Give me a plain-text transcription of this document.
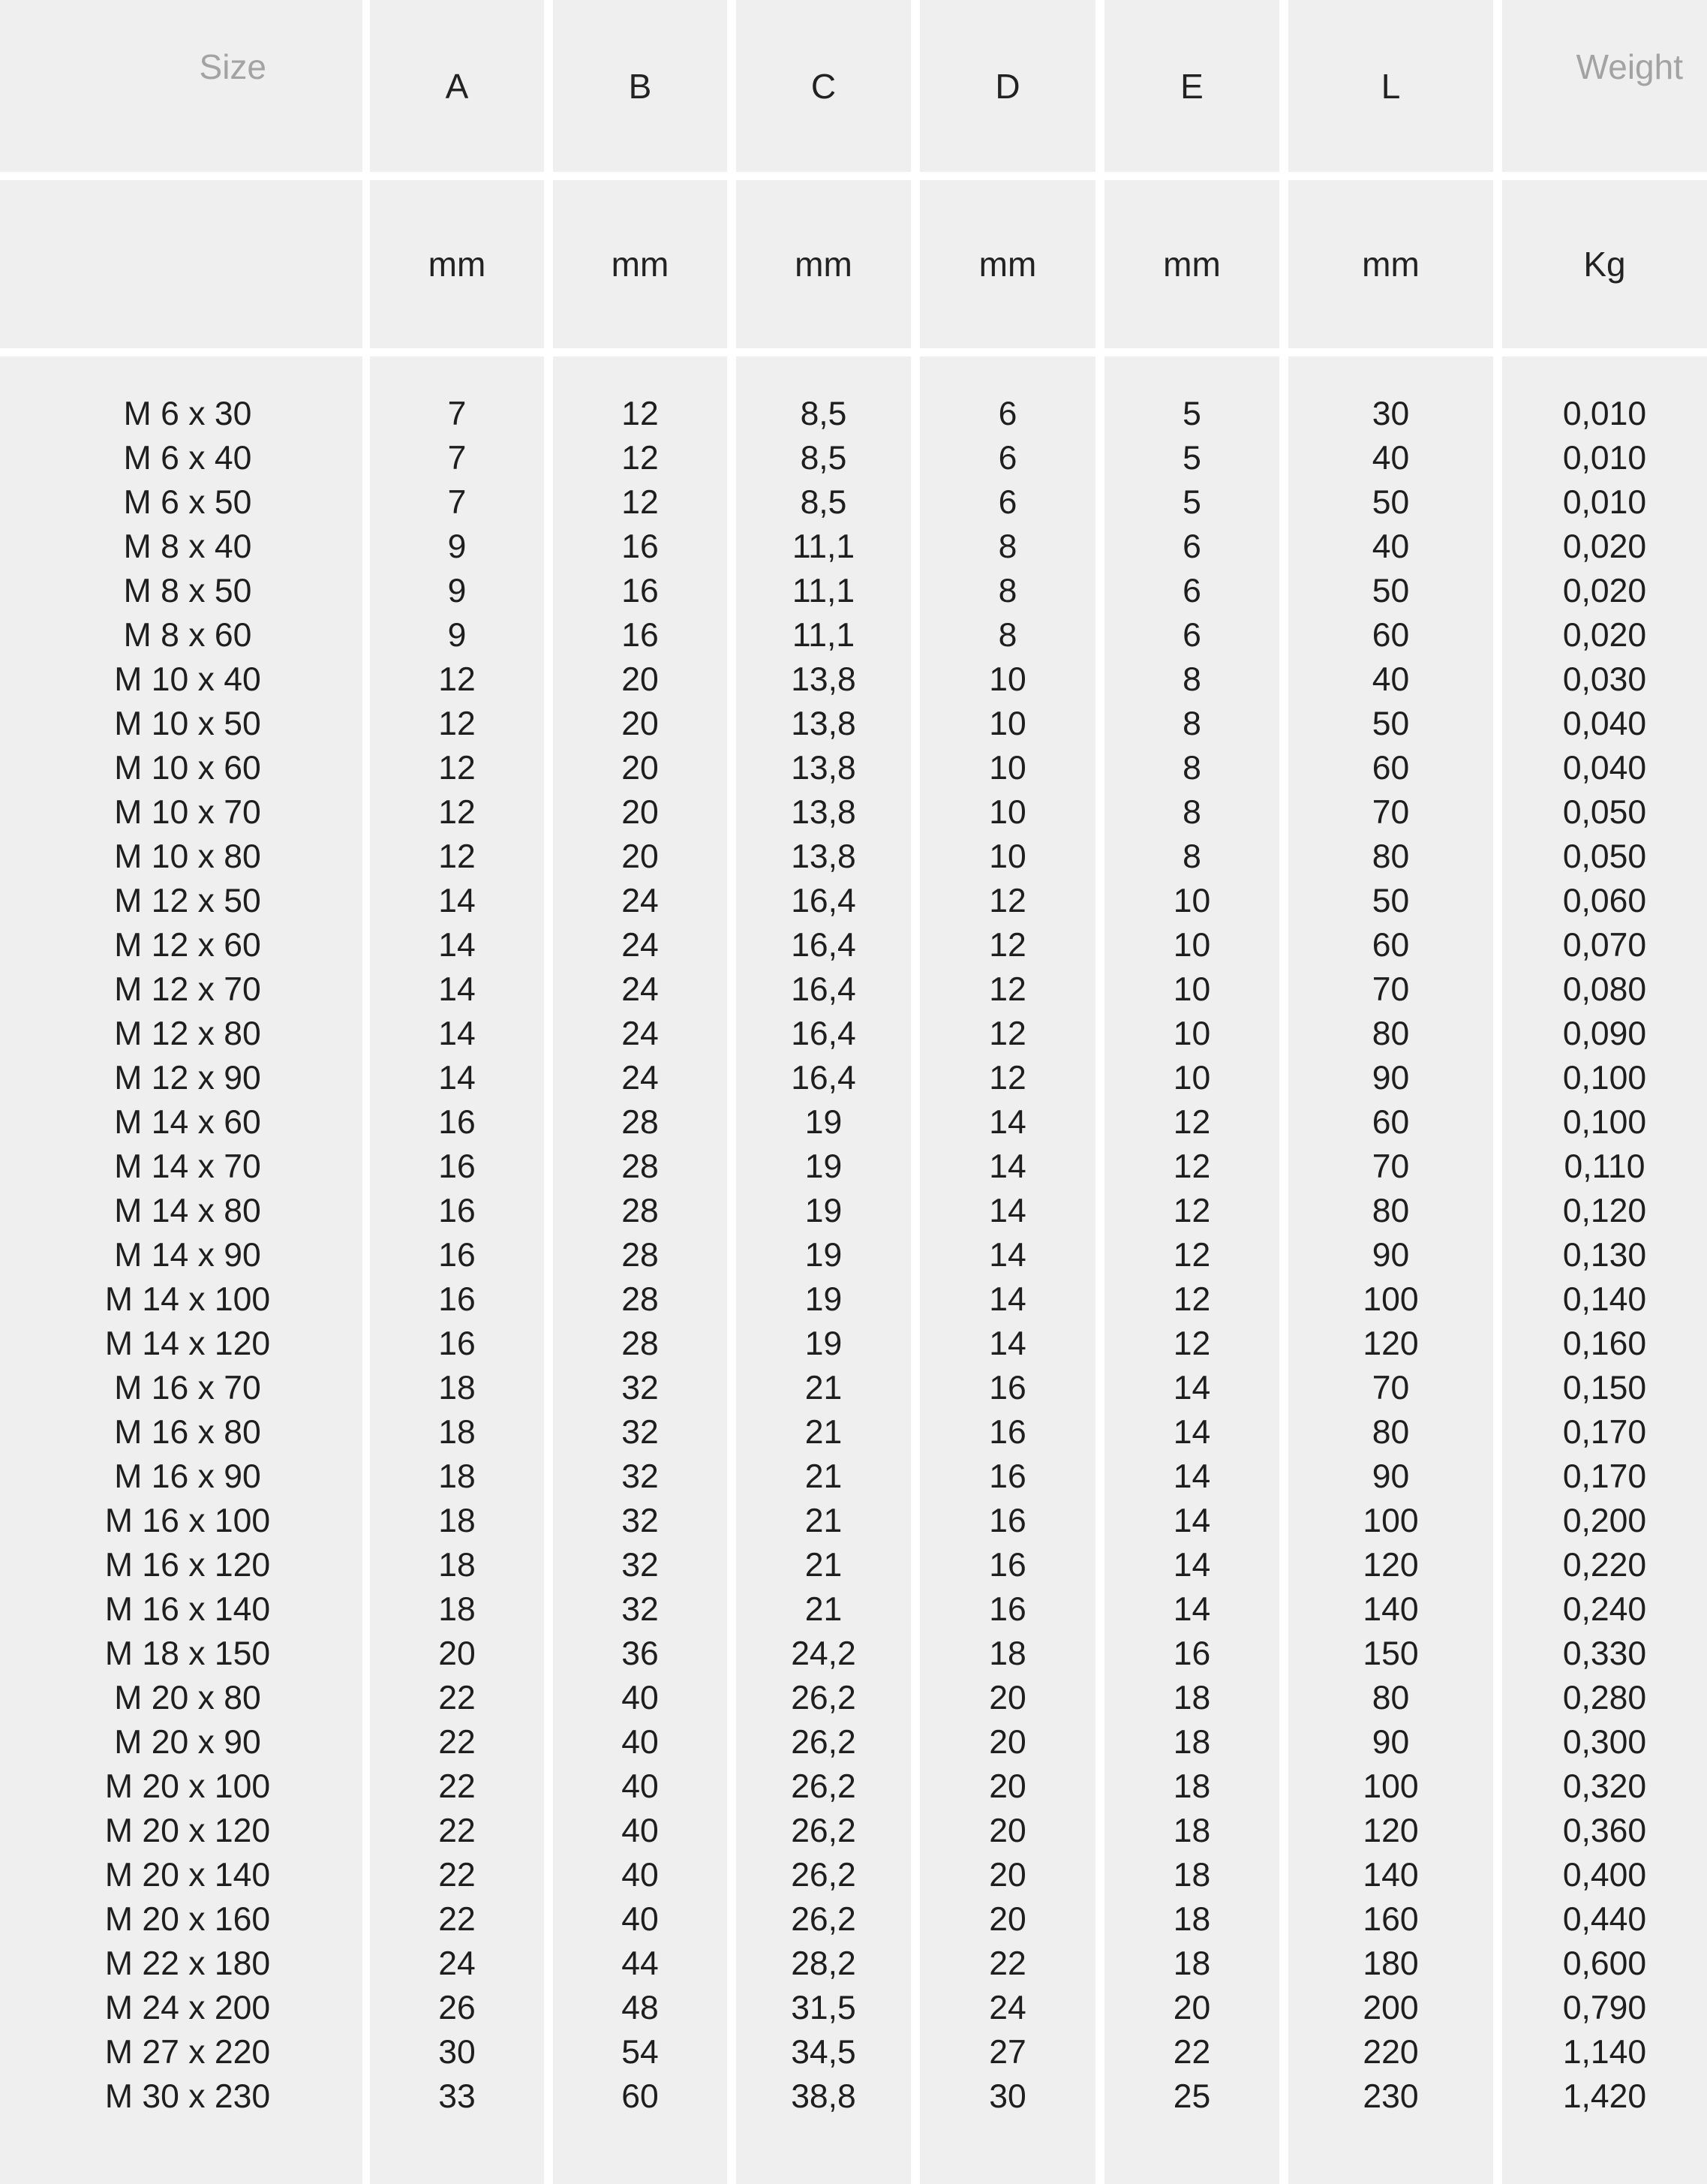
Size
M 6 x 30
M 6 x 40
M 6 x 50
M 8 x 40
M 8 x 50
M 8 x 60
M 10 x 40
M 10 x 50
M 10 x 60
M 10 x 70
M 10 x 80
M 12 x 50
M 12 x 60
M 12 x 70
M 12 x 80
M 12 x 90
M 14 x 60
M 14 x 70
M 14 x 80
M 14 x 90
M 14 x 100
M 14 x 120
M 16 x 70
M 16 x 80
M 16 x 90
M 16 x 100
M 16 x 120
M 16 x 140
M 18 x 150
M 20 x 80
M 20 x 90
M 20 x 100
M 20 x 120
M 20 x 140
M 20 x 160
M 22 x 180
M 24 x 200
M 27 x 220
M 30 x 230
A
mm
7
7
7
9
9
9
12
12
12
12
12
14
14
14
14
14
16
16
16
16
16
16
18
18
18
18
18
18
20
22
22
22
22
22
22
24
26
30
33
B
mm
12
12
12
16
16
16
20
20
20
20
20
24
24
24
24
24
28
28
28
28
28
28
32
32
32
32
32
32
36
40
40
40
40
40
40
44
48
54
60
C
mm
8,5
8,5
8,5
11,1
11,1
11,1
13,8
13,8
13,8
13,8
13,8
16,4
16,4
16,4
16,4
16,4
19
19
19
19
19
19
21
21
21
21
21
21
24,2
26,2
26,2
26,2
26,2
26,2
26,2
28,2
31,5
34,5
38,8
D
mm
6
6
6
8
8
8
10
10
10
10
10
12
12
12
12
12
14
14
14
14
14
14
16
16
16
16
16
16
18
20
20
20
20
20
20
22
24
27
30
E
mm
5
5
5
6
6
6
8
8
8
8
8
10
10
10
10
10
12
12
12
12
12
12
14
14
14
14
14
14
16
18
18
18
18
18
18
18
20
22
25
L
mm
30
40
50
40
50
60
40
50
60
70
80
50
60
70
80
90
60
70
80
90
100
120
70
80
90
100
120
140
150
80
90
100
120
140
160
180
200
220
230
Weight
Kg
0,010
0,010
0,010
0,020
0,020
0,020
0,030
0,040
0,040
0,050
0,050
0,060
0,070
0,080
0,090
0,100
0,100
0,110
0,120
0,130
0,140
0,160
0,150
0,170
0,170
0,200
0,220
0,240
0,330
0,280
0,300
0,320
0,360
0,400
0,440
0,600
0,790
1,140
1,420
